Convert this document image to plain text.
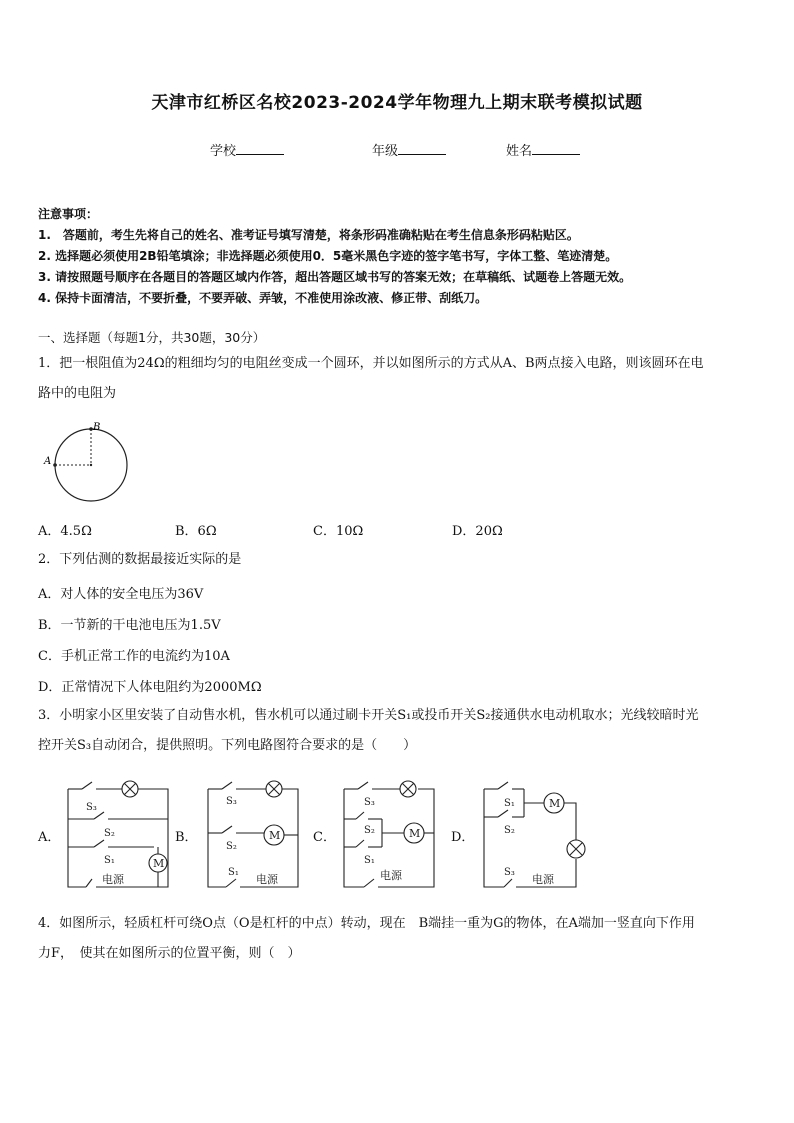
天津市红桥区名校2023-2024学年物理九上期末联考模拟试题
学校	年级	姓名
注意事项：
1.　答题前，考生先将自己的姓名、准考证号填写清楚，将条形码准确粘贴在考生信息条形码粘贴区。
2. 选择题必须使用2B铅笔填涂；非选择题必须使用0．5毫米黑色字迹的签字笔书写，字体工整、笔迹清楚。
3. 请按照题号顺序在各题目的答题区域内作答，超出答题区域书写的答案无效；在草稿纸、试题卷上答题无效。
4. 保持卡面清洁，不要折叠，不要弄破、弄皱，不准使用涂改液、修正带、刮纸刀。
一、选择题（每题1分，共30题，30分）
1．把一根阻值为24Ω的粗细均匀的电阻丝变成一个圆环，并以如图所示的方式从A、B两点接入电路，则该圆环在电
路中的电阻为
A
B
A．4.5Ω	B．6Ω	C．10Ω	D．20Ω
2．下列估测的数据最接近实际的是
A．对人体的安全电压为36V
B．一节新的干电池电压为1.5V
C．手机正常工作的电流约为10A
D．正常情况下人体电阻约为2000MΩ
3．小明家小区里安装了自动售水机，售水机可以通过刷卡开关S₁或投币开关S₂接通供水电动机取水；光线较暗时光
控开关S₃自动闭合，提供照明。下列电路图符合要求的是（　　）
A．	B．	C．	D．
S₃
S₂
S₁	M
电源
S₃
S₂
S₁
M
电源
S₃
S₂
S₁
M
电源
S₁
S₂
S₃
M
电源
4．如图所示，轻质杠杆可绕O点（O是杠杆的中点）转动，现在　B端挂一重为G的物体，在A端加一竖直向下作用
力F，　使其在如图所示的位置平衡，则（　）
